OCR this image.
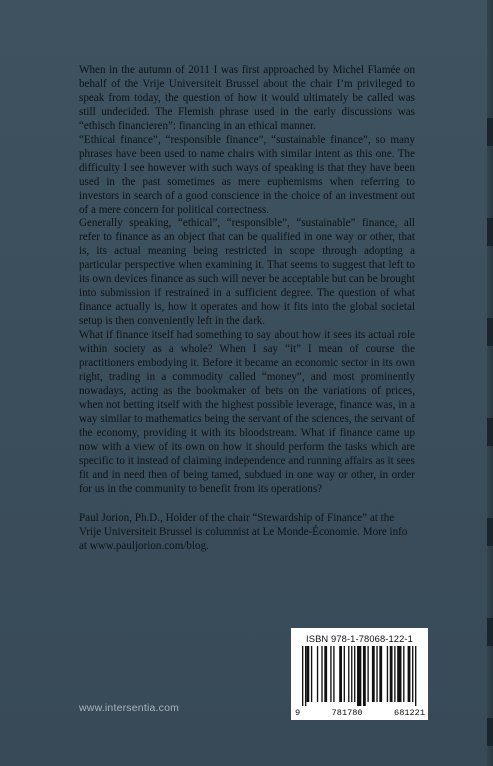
When in the autumn of 2011 I was first approached by Michel Flamée on behalf of the Vrije Universiteit Brussel about the chair I’m privileged to speak from today, the question of how it would ultimately be called was still undecided. The Flemish phrase used in the early discussions was “ethisch financieren”: financing in an ethical manner.

“Ethical finance”, “responsible finance”, “sustainable finance”, so many phrases have been used to name chairs with similar intent as this one. The difficulty I see however with such ways of speaking is that they have been used in the past sometimes as mere euphemisms when referring to investors in search of a good conscience in the choice of an investment out of a mere concern for political correctness.

Generally speaking, “ethical”, “responsible”, “sustainable” finance, all refer to finance as an object that can be qualified in one way or other, that is, its actual meaning being restricted in scope through adopting a particular perspective when examining it. That seems to suggest that left to its own devices finance as such will never be acceptable but can be brought into submission if restrained in a sufficient degree. The question of what finance actually is, how it operates and how it fits into the global societal setup is then conveniently left in the dark.

What if finance itself had something to say about how it sees its actual role within society as a whole? When I say “it” I mean of course the practitioners embodying it. Before it became an economic sector in its own right, trading in a commodity called “money”, and most prominently nowadays, acting as the bookmaker of bets on the variations of prices, when not betting itself with the highest possible leverage, finance was, in a way similar to mathematics being the servant of the sciences, the servant of the economy, providing it with its bloodstream. What if finance came up now with a view of its own on how it should perform the tasks which are specific to it instead of claiming independence and running affairs as it sees fit and in need then of being tamed, subdued in one way or other, in order for us in the community to benefit from its operations?

Paul Jorion, Ph.D., Holder of the chair “Stewardship of Finance” at the Vrije Universiteit Brussel is columnist at Le Monde-Économie. More info at www.pauljorion.com/blog.

www.intersentia.com
ISBN 978-1-78068-122-1
9	781780	681221
